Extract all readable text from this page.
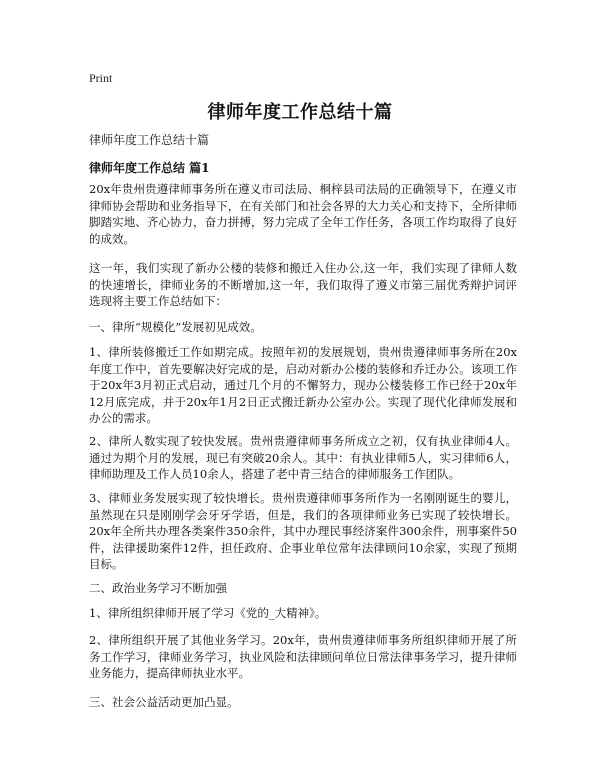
Print
律师年度工作总结十篇

律师年度工作总结十篇

律师年度工作总结 篇1

20x年贵州贵遵律师事务所在遵义市司法局、桐梓县司法局的正确领导下，在遵义市律师协会帮助和业务指导下，在有关部门和社会各界的大力关心和支持下，全所律师脚踏实地、齐心协力，奋力拼搏，努力完成了全年工作任务，各项工作均取得了良好的成效。

这一年，我们实现了新办公楼的装修和搬迁入住办公,这一年，我们实现了律师人数的快速增长，律师业务的不断增加,这一年，我们取得了遵义市第三届优秀辩护词评选现将主要工作总结如下：

一、律所“规模化”发展初见成效。

1、律所装修搬迁工作如期完成。按照年初的发展规划，贵州贵遵律师事务所在20x年度工作中，首先要解决好完成的是，启动对新办公楼的装修和乔迁办公。该项工作于20x年3月初正式启动，通过几个月的不懈努力，现办公楼装修工作已经于20x年12月底完成，并于20x年1月2日正式搬迁新办公室办公。实现了现代化律师发展和办公的需求。

2、律所人数实现了较快发展。贵州贵遵律师事务所成立之初，仅有执业律师4人。通过为期个月的发展，现已有突破20余人。其中：有执业律师5人，实习律师6人，律师助理及工作人员10余人，搭建了老中青三结合的律师服务工作团队。

3、律师业务发展实现了较快增长。贵州贵遵律师事务所作为一名刚刚诞生的婴儿，虽然现在只是刚刚学会牙牙学语，但是，我们的各项律师业务已实现了较快增长。20x年全所共办理各类案件350余件，其中办理民事经济案件300余件，刑事案件50件，法律援助案件12件，担任政府、企事业单位常年法律顾问10余家，实现了预期目标。

二、政治业务学习不断加强

1、律所组织律师开展了学习《党的_大精神》。

2、律所组织开展了其他业务学习。20x年，贵州贵遵律师事务所组织律师开展了所务工作学习，律师业务学习，执业风险和法律顾问单位日常法律事务学习，提升律师业务能力，提高律师执业水平。

三、社会公益活动更加凸显。
